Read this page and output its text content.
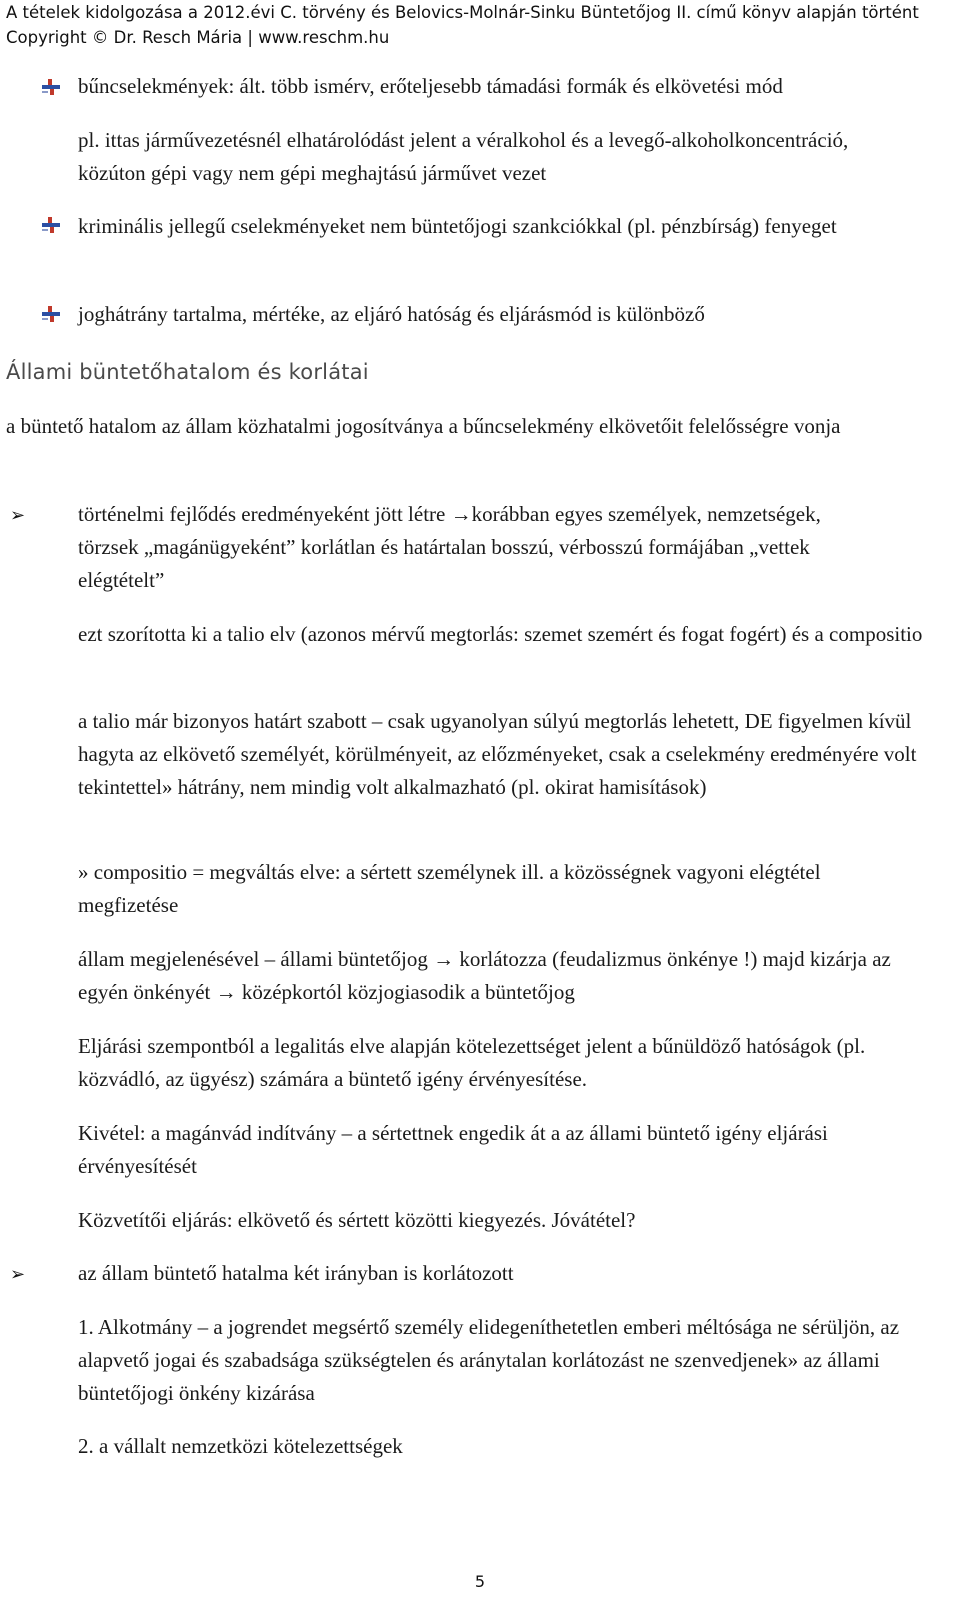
A tételek kidolgozása a 2012.évi C. törvény és Belovics-Molnár-Sinku Büntetőjog II. című könyv alapján történt
Copyright © Dr. Resch Mária | www.reschm.hu

bűncselekmények: ált. több ismérv, erőteljesebb támadási formák és elkövetési mód

pl. ittas járművezetésnél elhatárolódást jelent a véralkohol és a levegő-alkoholkoncentráció, közúton gépi vagy nem gépi meghajtású járművet vezet

kriminális jellegű cselekményeket nem büntetőjogi szankciókkal (pl. pénzbírság) fenyeget

joghátrány tartalma, mértéke, az eljáró hatóság és eljárásmód is különböző

Állami büntetőhatalom és korlátai

a büntető hatalom az állam közhatalmi jogosítványa a bűncselekmény elkövetőit felelősségre vonja

➢	történelmi fejlődés eredményeként jött létre →korábban egyes személyek, nemzetségek, törzsek „magánügyeként” korlátlan és határtalan bosszú, vérbosszú formájában „vettek elégtételt”

ezt szorította ki a talio elv (azonos mérvű megtorlás: szemet szemért és fogat fogért) és a compositio

a talio már bizonyos határt szabott – csak ugyanolyan súlyú megtorlás lehetett, DE figyelmen kívül hagyta az elkövető személyét, körülményeit, az előzményeket, csak a cselekmény eredményére volt tekintettel» hátrány, nem mindig volt alkalmazható (pl. okirat hamisítások)

» compositio = megváltás elve: a sértett személynek ill. a közösségnek vagyoni elégtétel megfizetése

állam megjelenésével – állami büntetőjog → korlátozza (feudalizmus önkénye !) majd kizárja az egyén önkényét → középkortól közjogiasodik a büntetőjog

Eljárási szempontból a legalitás elve alapján kötelezettséget jelent a bűnüldöző hatóságok (pl. közvádló, az ügyész) számára a büntető igény érvényesítése.

Kivétel: a magánvád indítvány – a sértettnek engedik át a az állami büntető igény eljárási érvényesítését

Közvetítői eljárás: elkövető és sértett közötti kiegyezés. Jóvátétel?

➢	az állam büntető hatalma két irányban is korlátozott

1. Alkotmány – a jogrendet megsértő személy elidegeníthetetlen emberi méltósága ne sérüljön, az alapvető jogai és szabadsága szükségtelen és aránytalan korlátozást ne szenvedjenek» az állami büntetőjogi önkény kizárása

2. a vállalt nemzetközi kötelezettségek

5
